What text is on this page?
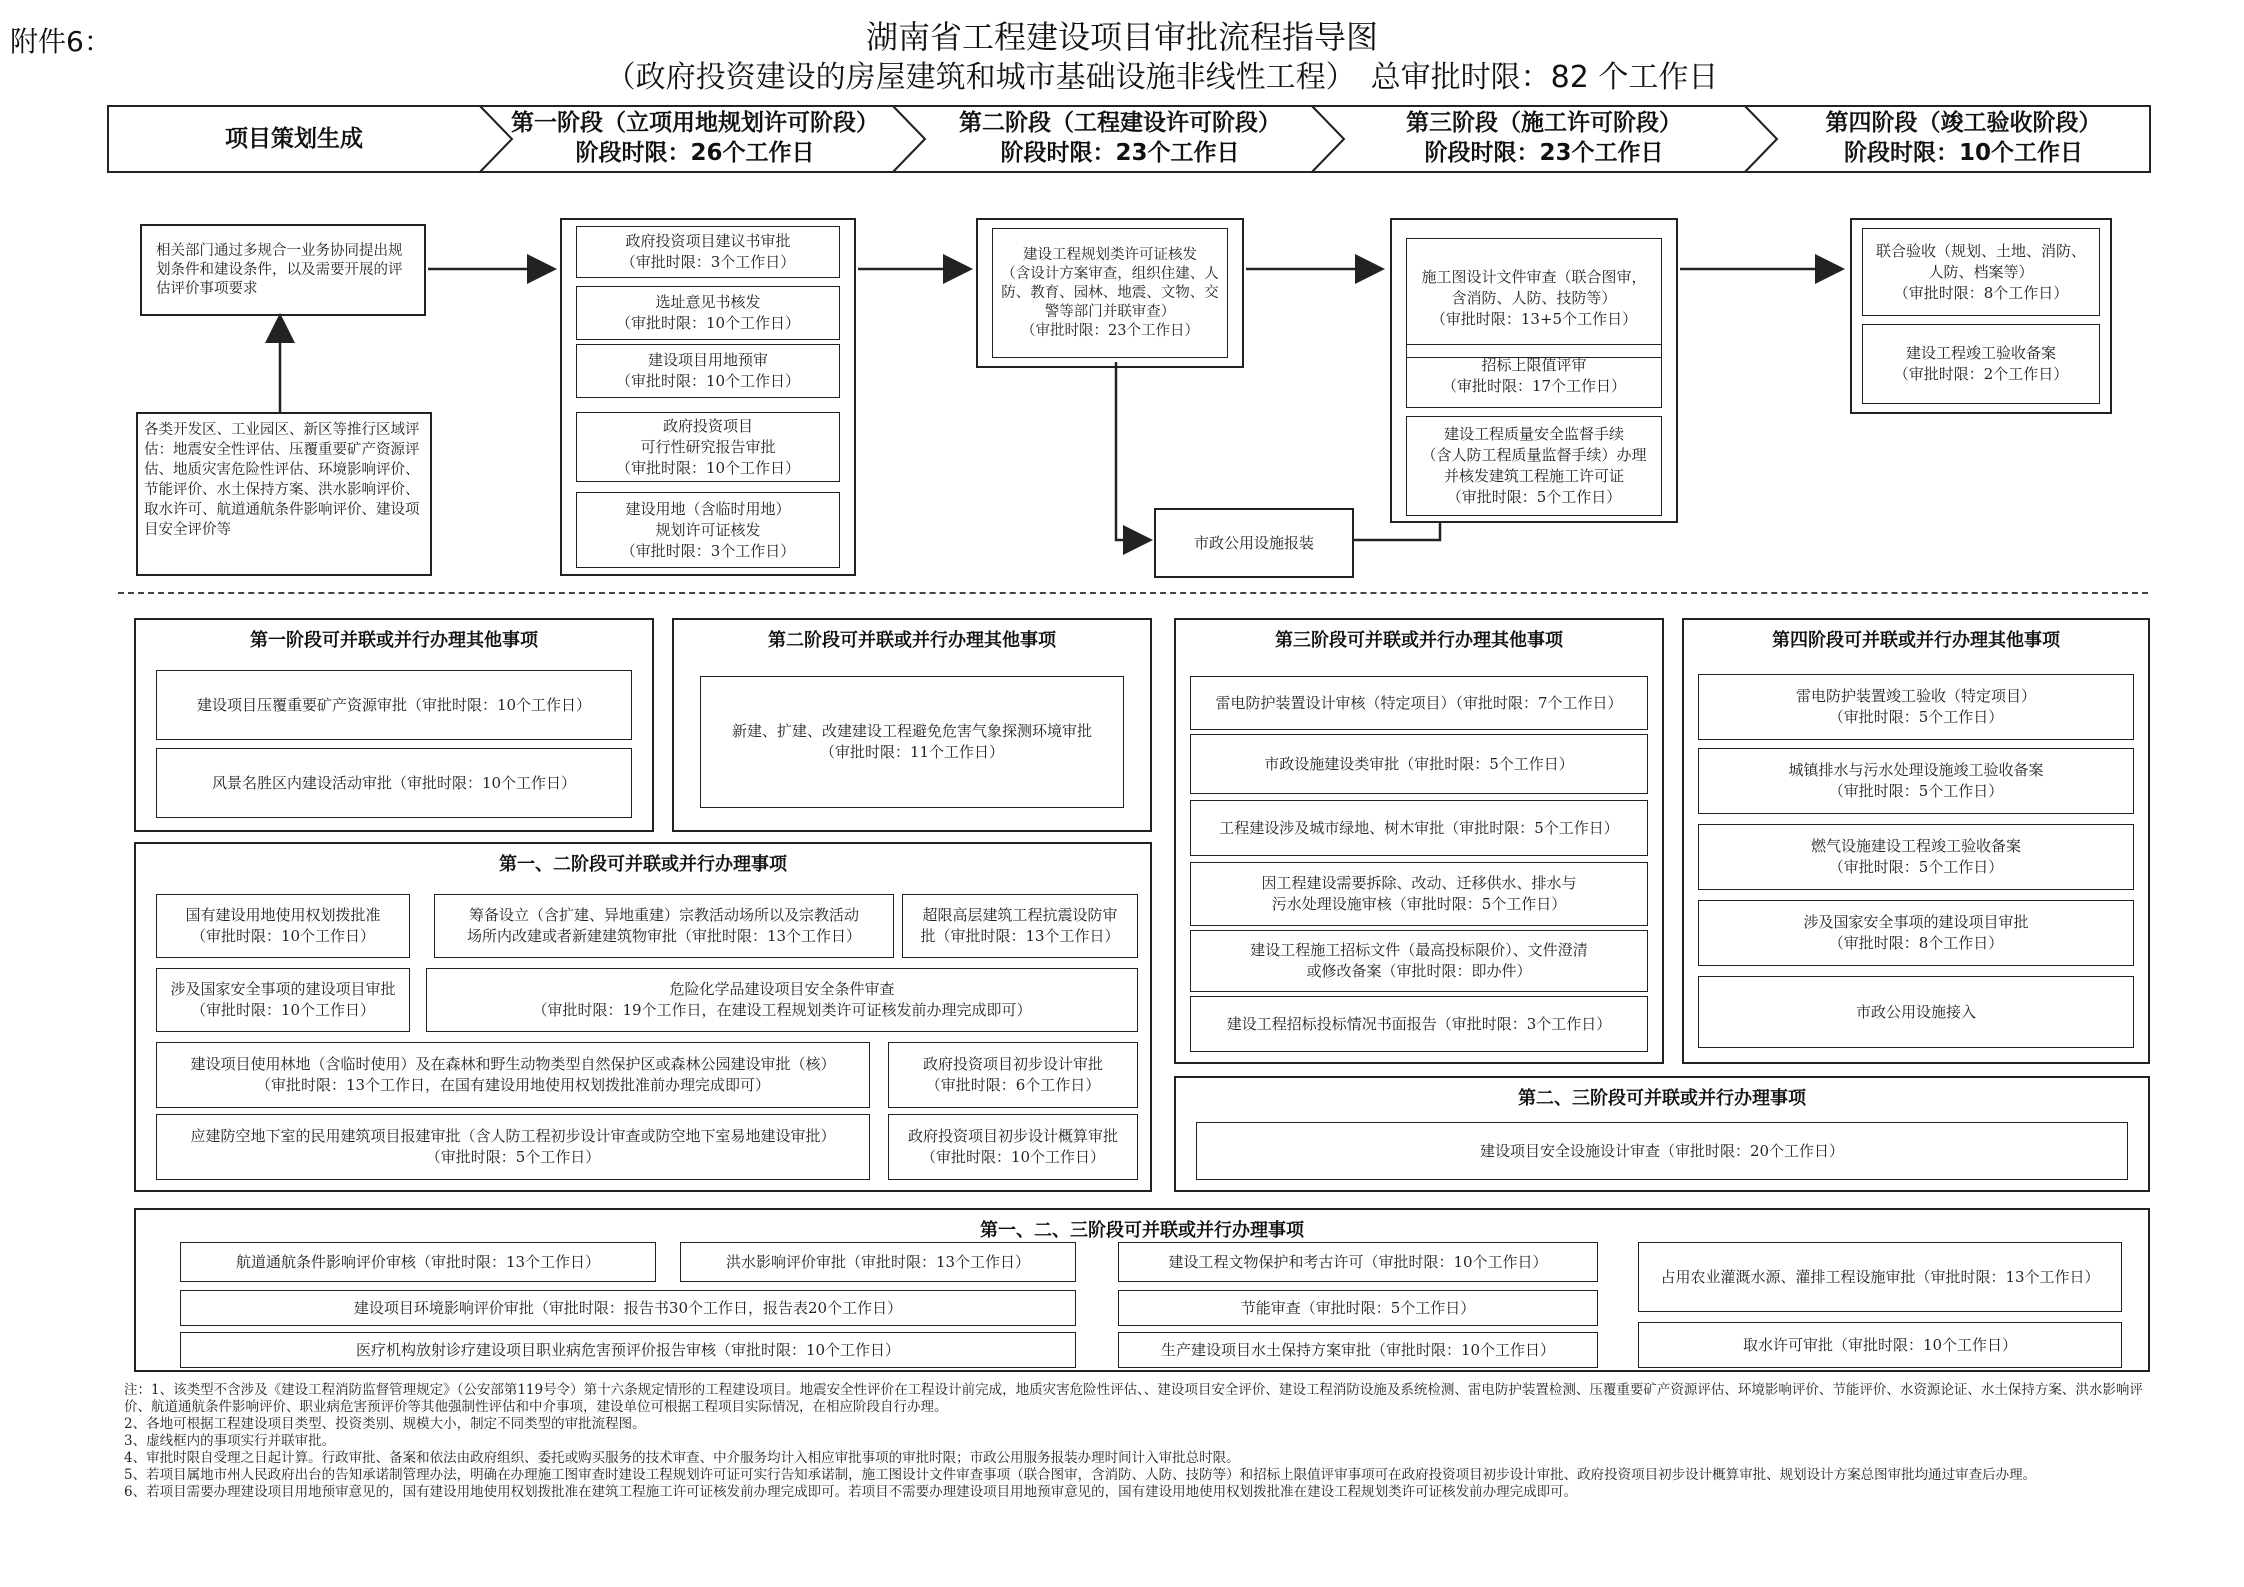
附件6：	湖南省工程建设项目审批流程指导图
（政府投资建设的房屋建筑和城市基础设施非线性工程）　总审批时限：82 个工作日
项目策划生成
第一阶段（立项用地规划许可阶段）
阶段时限：26个工作日
第二阶段（工程建设许可阶段）
阶段时限：23个工作日
第三阶段（施工许可阶段）
阶段时限：23个工作日
第四阶段（竣工验收阶段）
阶段时限：10个工作日
相关部门通过多规合一业务协同提出规划条件和建设条件，以及需要开展的评估评价事项要求
各类开发区、工业园区、新区等推行区域评估：地震安全性评估、压覆重要矿产资源评估、地质灾害危险性评估、环境影响评价、节能评价、水土保持方案、洪水影响评价、取水许可、航道通航条件影响评价、建设项目安全评价等
政府投资项目建议书审批
（审批时限：3个工作日）
选址意见书核发
（审批时限：10个工作日）
建设项目用地预审
（审批时限：10个工作日）
政府投资项目
可行性研究报告审批
（审批时限：10个工作日）
建设用地（含临时用地）
规划许可证核发
（审批时限：3个工作日）
建设工程规划类许可证核发
（含设计方案审查，组织住建、人防、教育、园林、地震、文物、交警等部门并联审查）
（审批时限：23个工作日）
市政公用设施报装
施工图设计文件审查（联合图审，
含消防、人防、技防等）
（审批时限：13+5个工作日）
招标上限值评审
（审批时限：17个工作日）
建设工程质量安全监督手续
（含人防工程质量监督手续）办理并核发建筑工程施工许可证
（审批时限：5个工作日）
联合验收（规划、土地、消防、
人防、档案等）
（审批时限：8个工作日）
建设工程竣工验收备案
（审批时限：2个工作日）
第一阶段可并联或并行办理其他事项
建设项目压覆重要矿产资源审批（审批时限：10个工作日）
风景名胜区内建设活动审批（审批时限：10个工作日）
第二阶段可并联或并行办理其他事项
新建、扩建、改建建设工程避免危害气象探测环境审批
（审批时限：11个工作日）
第三阶段可并联或并行办理其他事项
雷电防护装置设计审核（特定项目）（审批时限：7个工作日）
市政设施建设类审批（审批时限：5个工作日）
工程建设涉及城市绿地、树木审批（审批时限：5个工作日）
因工程建设需要拆除、改动、迁移供水、排水与
污水处理设施审核（审批时限：5个工作日）
建设工程施工招标文件（最高投标限价）、文件澄清
或修改备案（审批时限：即办件）
建设工程招标投标情况书面报告（审批时限：3个工作日）
第四阶段可并联或并行办理其他事项
雷电防护装置竣工验收（特定项目）
（审批时限：5个工作日）
城镇排水与污水处理设施竣工验收备案
（审批时限：5个工作日）
燃气设施建设工程竣工验收备案
（审批时限：5个工作日）
涉及国家安全事项的建设项目审批
（审批时限：8个工作日）
市政公用设施接入
第一、二阶段可并联或并行办理事项
国有建设用地使用权划拨批准
（审批时限：10个工作日）
筹备设立（含扩建、异地重建）宗教活动场所以及宗教活动
场所内改建或者新建建筑物审批（审批时限：13个工作日）
超限高层建筑工程抗震设防审
批（审批时限：13个工作日）
涉及国家安全事项的建设项目审批
（审批时限：10个工作日）
危险化学品建设项目安全条件审查
（审批时限：19个工作日，在建设工程规划类许可证核发前办理完成即可）
建设项目使用林地（含临时使用）及在森林和野生动物类型自然保护区或森林公园建设审批（核）
（审批时限：13个工作日，在国有建设用地使用权划拨批准前办理完成即可）
政府投资项目初步设计审批
（审批时限：6个工作日）
应建防空地下室的民用建筑项目报建审批（含人防工程初步设计审查或防空地下室易地建设审批）
（审批时限：5个工作日）
政府投资项目初步设计概算审批
（审批时限：10个工作日）
第二、三阶段可并联或并行办理事项
建设项目安全设施设计审查（审批时限：20个工作日）
第一、二、三阶段可并联或并行办理事项
航道通航条件影响评价审核（审批时限：13个工作日）	洪水影响评价审批（审批时限：13个工作日）	建设工程文物保护和考古许可（审批时限：10个工作日）
占用农业灌溉水源、灌排工程设施审批（审批时限：13个工作日）
建设项目环境影响评价审批（审批时限：报告书30个工作日，报告表20个工作日）	节能审查（审批时限：5个工作日）
医疗机构放射诊疗建设项目职业病危害预评价报告审核（审批时限：10个工作日）	生产建设项目水土保持方案审批（审批时限：10个工作日）	取水许可审批（审批时限：10个工作日）

注：1、该类型不含涉及《建设工程消防监督管理规定》（公安部第119号令）第十六条规定情形的工程建设项目。地震安全性评价在工程设计前完成，地质灾害危险性评估、、建设项目安全评价、建设工程消防设施及系统检测、雷电防护装置检测、压覆重要矿产资源评估、环境影响评价、节能评价、水资源论证、水土保持方案、洪水影响评价、航道通航条件影响评价、职业病危害预评价等其他强制性评估和中介事项，建设单位可根据工程项目实际情况，在相应阶段自行办理。

2、各地可根据工程建设项目类型、投资类别、规模大小，制定不同类型的审批流程图。

3、虚线框内的事项实行并联审批。

4、审批时限自受理之日起计算。行政审批、备案和依法由政府组织、委托或购买服务的技术审查、中介服务均计入相应审批事项的审批时限；市政公用服务报装办理时间计入审批总时限。

5、若项目属地市州人民政府出台的告知承诺制管理办法，明确在办理施工图审查时建设工程规划许可证可实行告知承诺制，施工图设计文件审查事项（联合图审，含消防、人防、技防等）和招标上限值评审事项可在政府投资项目初步设计审批、政府投资项目初步设计概算审批、规划设计方案总图审批均通过审查后办理。

6、若项目需要办理建设项目用地预审意见的，国有建设用地使用权划拨批准在建筑工程施工许可证核发前办理完成即可。若项目不需要办理建设项目用地预审意见的，国有建设用地使用权划拨批准在建设工程规划类许可证核发前办理完成即可。
